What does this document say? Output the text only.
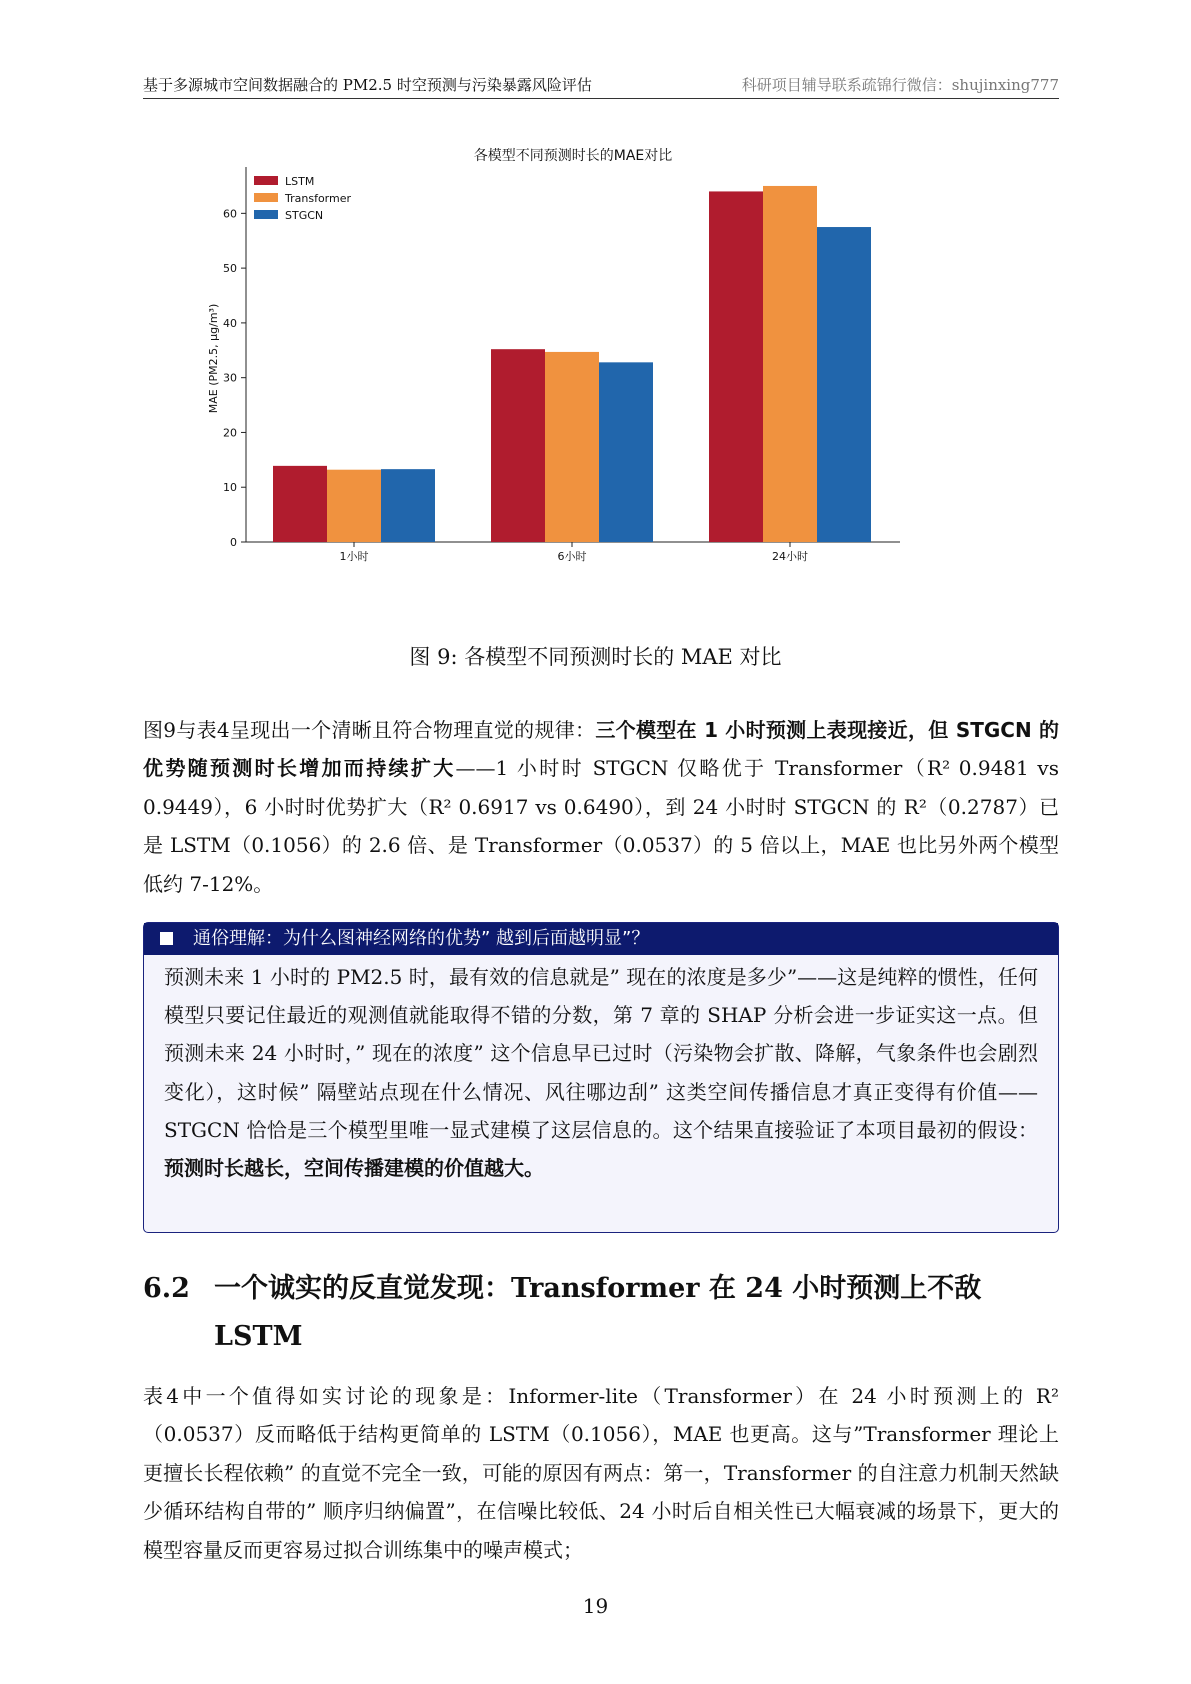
基于多源城市空间数据融合的 PM2.5 时空预测与污染暴露风险评估	科研项目辅导联系疏锦行微信：shujinxing777
各模型不同预测时长的MAE对比
0
10
20
30
40
50
60
MAE (PM2.5, μg/m³)
1小时	6小时	24小时
LSTM
Transformer
STGCN
图 9: 各模型不同预测时长的 MAE 对比

图9与表4呈现出一个清晰且符合物理直觉的规律：三个模型在 1 小时预测上表现接近，但 STGCN 的优势随预测时长增加而持续扩大——1 小时时 STGCN 仅略优于 Transformer（R² 0.9481 vs 0.9449），6 小时时优势扩大（R² 0.6917 vs 0.6490），到 24 小时时 STGCN 的 R²（0.2787）已是 LSTM（0.1056）的 2.6 倍、是 Transformer（0.0537）的 5 倍以上，MAE 也比另外两个模型低约 7-12%。

通俗理解：为什么图神经网络的优势” 越到后面越明显”？
预测未来 1 小时的 PM2.5 时，最有效的信息就是” 现在的浓度是多少”——这是纯粹的惯性，任何模型只要记住最近的观测值就能取得不错的分数，第 7 章的 SHAP 分析会进一步证实这一点。但预测未来 24 小时时，” 现在的浓度” 这个信息早已过时（污染物会扩散、降解，气象条件也会剧烈变化），这时候” 隔壁站点现在什么情况、风往哪边刮” 这类空间传播信息才真正变得有价值——STGCN 恰恰是三个模型里唯一显式建模了这层信息的。这个结果直接验证了本项目最初的假设：预测时长越长，空间传播建模的价值越大。
6.2 一个诚实的反直觉发现：Transformer 在 24 小时预测上不敌 LSTM

表4中一个值得如实讨论的现象是：Informer-lite（Transformer）在 24 小时预测上的 R²（0.0537）反而略低于结构更简单的 LSTM（0.1056），MAE 也更高。这与”Transformer 理论上更擅长长程依赖” 的直觉不完全一致，可能的原因有两点：第一，Transformer 的自注意力机制天然缺少循环结构自带的” 顺序归纳偏置”，在信噪比较低、24 小时后自相关性已大幅衰减的场景下，更大的模型容量反而更容易过拟合训练集中的噪声模式；

19
